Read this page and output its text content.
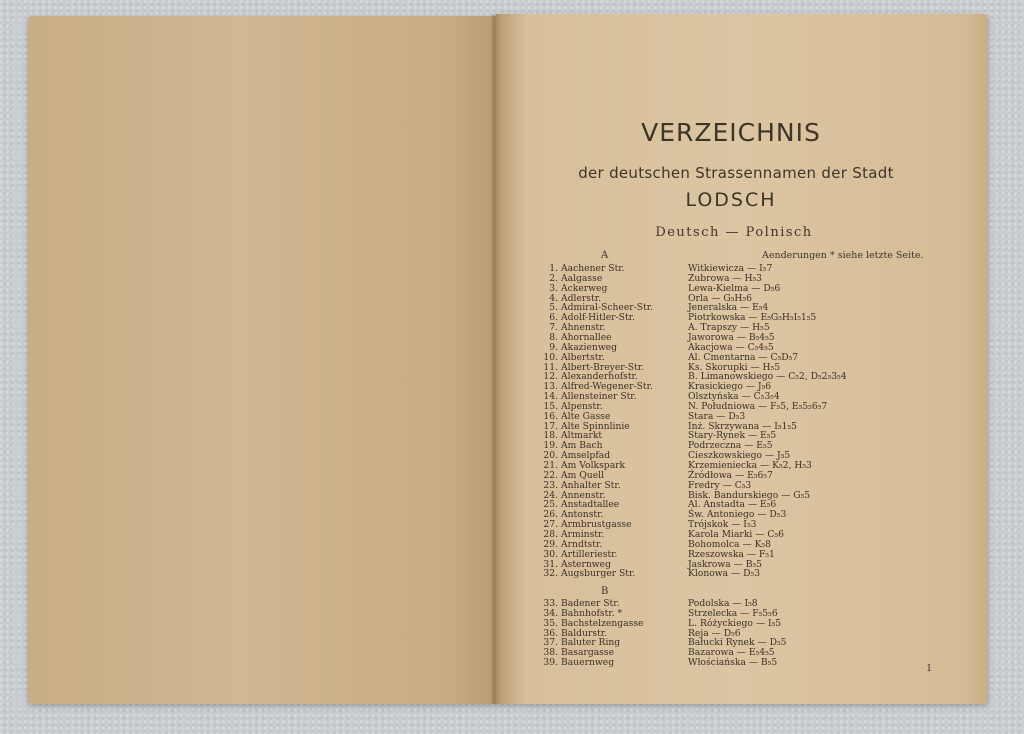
VERZEICHNIS
der deutschen Strassennamen der Stadt
LODSCH
Deutsch — Polnisch
A	Aenderungen * siehe letzte Seite.
1. Aachener Str.	Witkiewicza — I₅7
2. Aalgasse	Zubrowa — H₅3
3. Ackerweg	Lewa-Kielma — D₅6
4. Adlerstr.	Orla — G₅H₅6
5. Admiral-Scheer-Str.	Jeneralska — E₅4
6. Adolf-Hitler-Str.	Piotrkowska — E₅G₅H₅I₅1₅5
7. Ahnenstr.	A. Trapszy — H₅5
8. Ahornallee	Jaworowa — B₅4₅5
9. Akazienweg	Akacjowa — C₅4₅5
10. Albertstr.	Al. Cmentarna — C₅D₅7
11. Albert-Breyer-Str.	Ks. Skorupki — H₅5
12. Alexanderhofstr.	B. Limanowskiego — C₅2, D₅2₅3₅4
13. Alfred-Wegener-Str.	Krasickiego — J₅6
14. Allensteiner Str.	Olsztyńska — C₅3₅4
15. Alpenstr.	N. Południowa — F₅5, E₅5₅6₅7
16. Alte Gasse	Stara — D₅3
17. Alte Spinnlinie	Inż. Skrzywana — I₅1₅5
18. Altmarkt	Stary-Rynek — E₅5
19. Am Bach	Podrzeczna — E₅5
20. Amselpfad	Cieszkowskiego — J₅5
21. Am Volkspark	Krzemieniecka — K₅2, H₅3
22. Am Quell	Źródłowa — E₅6₅7
23. Anhalter Str.	Fredry — C₅3
24. Annenstr.	Bisk. Bandurskiego — G₅5
25. Anstadtallee	Al. Anstadta — E₅6
26. Antonstr.	Św. Antoniego — D₅3
27. Armbrustgasse	Trójskok — I₅3
28. Arminstr.	Karola Miarki — C₅6
29. Arndtstr.	Bohomolca — K₅8
30. Artilleriestr.	Rzeszowska — F₅1
31. Asternweg	Jaskrowa — B₅5
32. Augsburger Str.	Klonowa — D₅3
B
33. Badener Str.	Podolska — I₅8
34. Bahnhofstr. *	Strzelecka — F₅5₅6
35. Bachstelzengasse	L. Różyckiego — I₅5
36. Baldurstr.	Reja — D₅6
37. Baluter Ring	Bałucki Rynek — D₅5
38. Basargasse	Bazarowa — E₅4₅5
39. Bauernweg	Włościańska — B₅5
1
